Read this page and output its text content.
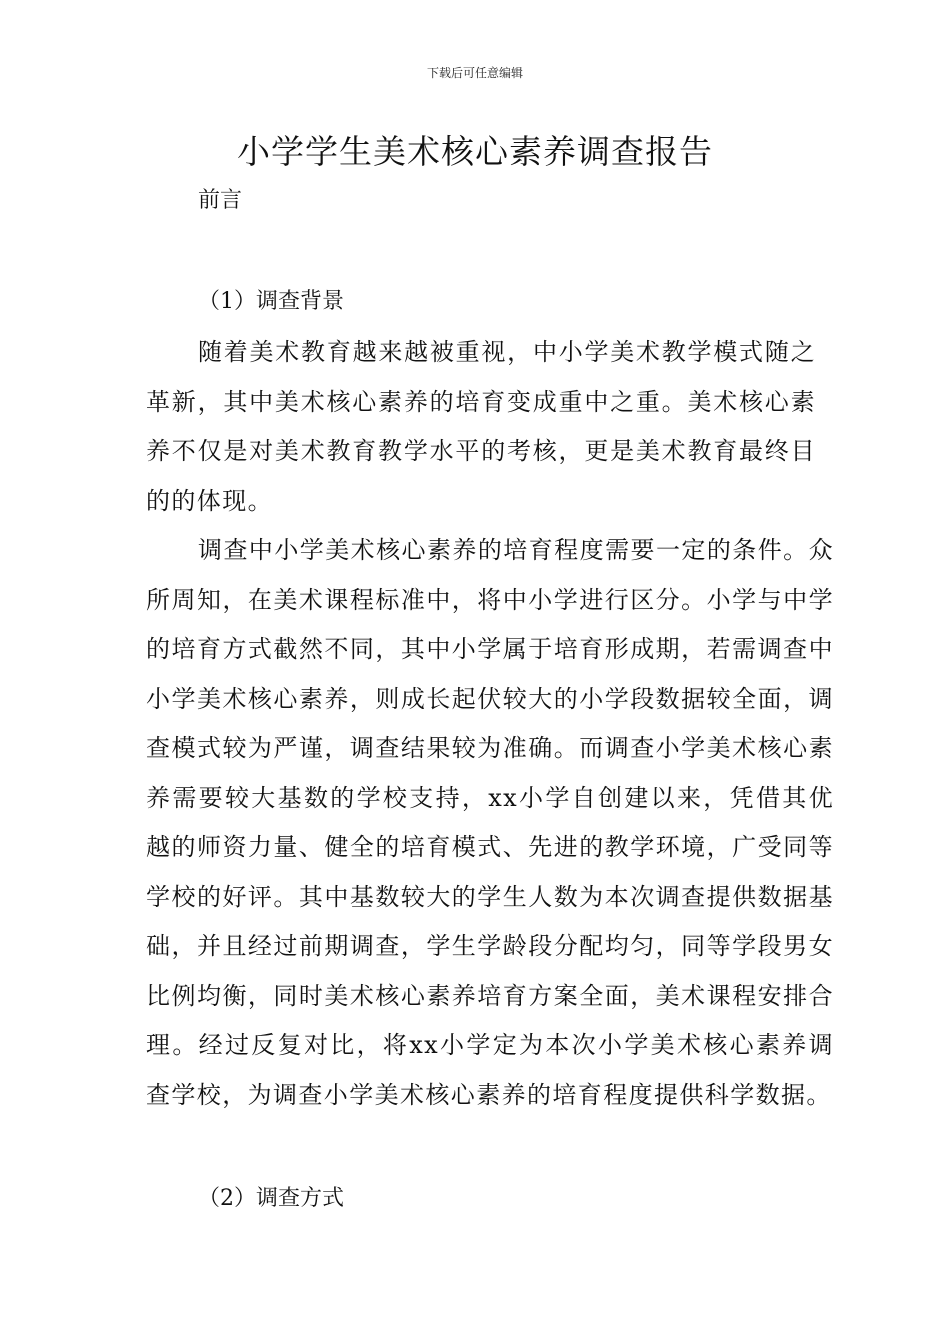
下载后可任意编辑
小学学生美术核心素养调查报告

前言

（1）调查背景

随着美术教育越来越被重视，中小学美术教学模式随之革新，其中美术核心素养的培育变成重中之重。美术核心素养不仅是对美术教育教学水平的考核，更是美术教育最终目的的体现。

调查中小学美术核心素养的培育程度需要一定的条件。众所周知，在美术课程标准中，将中小学进行区分。小学与中学的培育方式截然不同，其中小学属于培育形成期，若需调查中小学美术核心素养，则成长起伏较大的小学段数据较全面，调查模式较为严谨，调查结果较为准确。而调查小学美术核心素养需要较大基数的学校支持，xx小学自创建以来，凭借其优越的师资力量、健全的培育模式、先进的教学环境，广受同等学校的好评。其中基数较大的学生人数为本次调查提供数据基础，并且经过前期调查，学生学龄段分配均匀，同等学段男女比例均衡，同时美术核心素养培育方案全面，美术课程安排合理。经过反复对比，将xx小学定为本次小学美术核心素养调查学校，为调查小学美术核心素养的培育程度提供科学数据。

（2）调查方式
